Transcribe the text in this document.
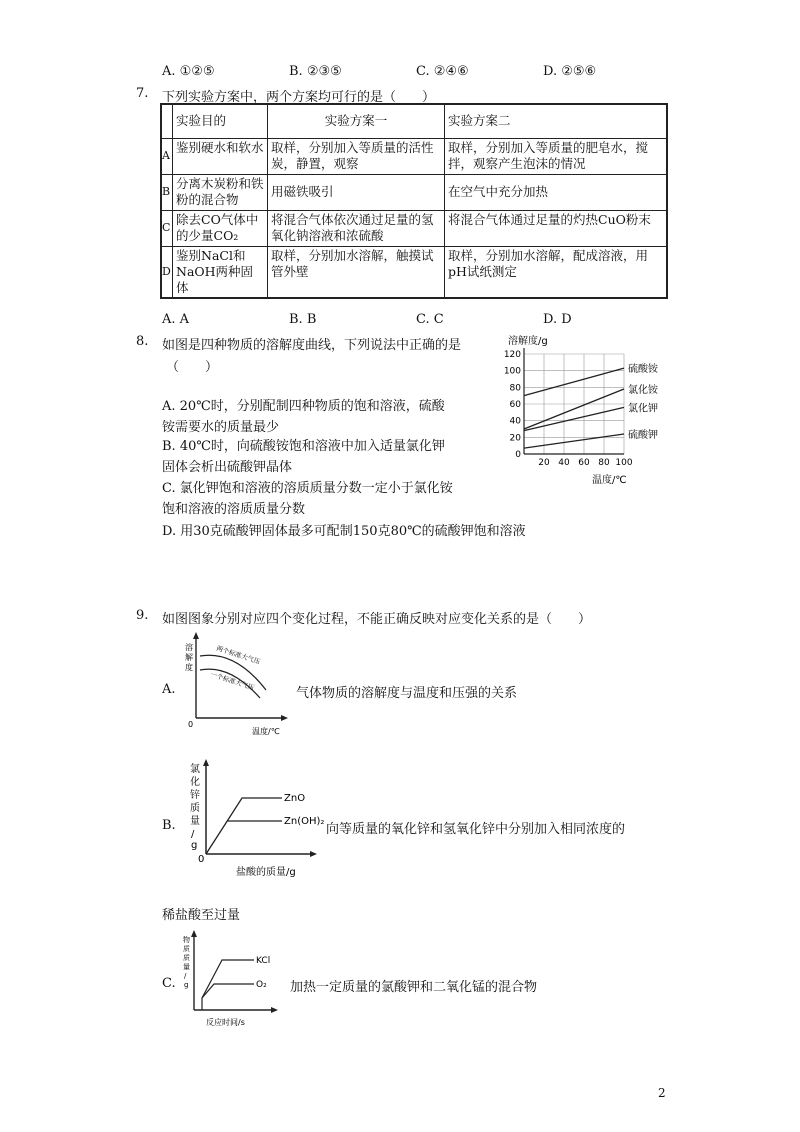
A. ①②⑤	B. ②③⑤	C. ②④⑥	D. ②⑤⑥
7. 下列实验方案中，两个方案均可行的是（　　）
	实验目的	实验方案一	实验方案二
A	鉴别硬水和软水	取样，分别加入等质量的活性炭，静置，观察	取样，分别加入等质量的肥皂水，搅拌，观察产生泡沫的情况
B	分离木炭粉和铁粉的混合物	用磁铁吸引	在空气中充分加热
C	除去CO气体中的少量CO₂	将混合气体依次通过足量的氢氧化钠溶液和浓硫酸	将混合气体通过足量的灼热CuO粉末
D	鉴别NaCl和NaOH两种固体	取样，分别加水溶解，触摸试管外壁	取样，分别加水溶解，配成溶液，用pH试纸测定
A. A	B. B	C. C	D. D
8. 如图是四种物质的溶解度曲线，下列说法中正确的是
（　　）
A. 20℃时，分别配制四种物质的饱和溶液，硫酸
铵需要水的质量最少
B. 40℃时，向硫酸铵饱和溶液中加入适量氯化钾
固体会析出硫酸钾晶体
C. 氯化钾饱和溶液的溶质质量分数一定小于氯化铵
饱和溶液的溶质质量分数
D. 用30克硫酸钾固体最多可配制150克80℃的硫酸钾饱和溶液
0
20
40
60
80
100
120
20 40 60 80 100
硫酸铵
氯化铵
氯化钾
硫酸钾
溶解度/g
温度/℃
9. 如图图象分别对应四个变化过程，不能正确反映对应变化关系的是（　　）
A.
溶解度
0
温度/℃
两个标准大气压
一个标准大气压
气体物质的溶解度与温度和压强的关系
B.
氯化锌质量/ g
0
盐酸的质量/g
ZnO
Zn(OH)₂
向等质量的氧化锌和氢氧化锌中分别加入相同浓度的
稀盐酸至过量
C.
物质质量/ g
反应时间/s
KCl
O₂ 加热一定质量的氯酸钾和二氧化锰的混合物
2
